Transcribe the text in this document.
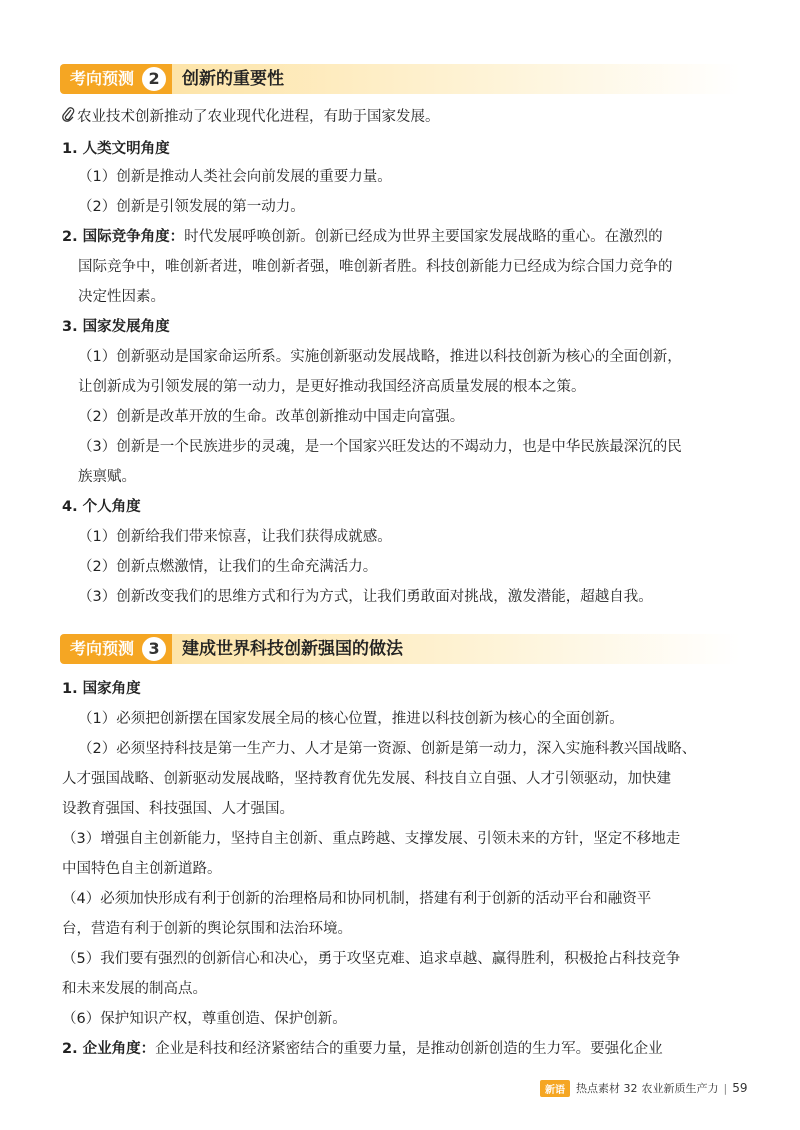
考向预测 2	创新的重要性
农业技术创新推动了农业现代化进程，有助于国家发展。
1. 人类文明角度
（1）创新是推动人类社会向前发展的重要力量。
（2）创新是引领发展的第一动力。
2. 国际竞争角度：时代发展呼唤创新。创新已经成为世界主要国家发展战略的重心。在激烈的
国际竞争中，唯创新者进，唯创新者强，唯创新者胜。科技创新能力已经成为综合国力竞争的
决定性因素。
3. 国家发展角度
（1）创新驱动是国家命运所系。实施创新驱动发展战略，推进以科技创新为核心的全面创新，
让创新成为引领发展的第一动力，是更好推动我国经济高质量发展的根本之策。
（2）创新是改革开放的生命。改革创新推动中国走向富强。
（3）创新是一个民族进步的灵魂，是一个国家兴旺发达的不竭动力，也是中华民族最深沉的民
族禀赋。
4. 个人角度
（1）创新给我们带来惊喜，让我们获得成就感。
（2）创新点燃激情，让我们的生命充满活力。
（3）创新改变我们的思维方式和行为方式，让我们勇敢面对挑战，激发潜能，超越自我。
考向预测 3	建成世界科技创新强国的做法
1. 国家角度
（1）必须把创新摆在国家发展全局的核心位置，推进以科技创新为核心的全面创新。
（2）必须坚持科技是第一生产力、人才是第一资源、创新是第一动力，深入实施科教兴国战略、
人才强国战略、创新驱动发展战略，坚持教育优先发展、科技自立自强、人才引领驱动，加快建
设教育强国、科技强国、人才强国。
（3）增强自主创新能力，坚持自主创新、重点跨越、支撑发展、引领未来的方针，坚定不移地走
中国特色自主创新道路。
（4）必须加快形成有利于创新的治理格局和协同机制，搭建有利于创新的活动平台和融资平
台，营造有利于创新的舆论氛围和法治环境。
（5）我们要有强烈的创新信心和决心，勇于攻坚克难、追求卓越、赢得胜利，积极抢占科技竞争
和未来发展的制高点。
（6）保护知识产权，尊重创造、保护创新。
2. 企业角度：企业是科技和经济紧密结合的重要力量，是推动创新创造的生力军。要强化企业
新语	热点素材 32 农业新质生产力 | 59
